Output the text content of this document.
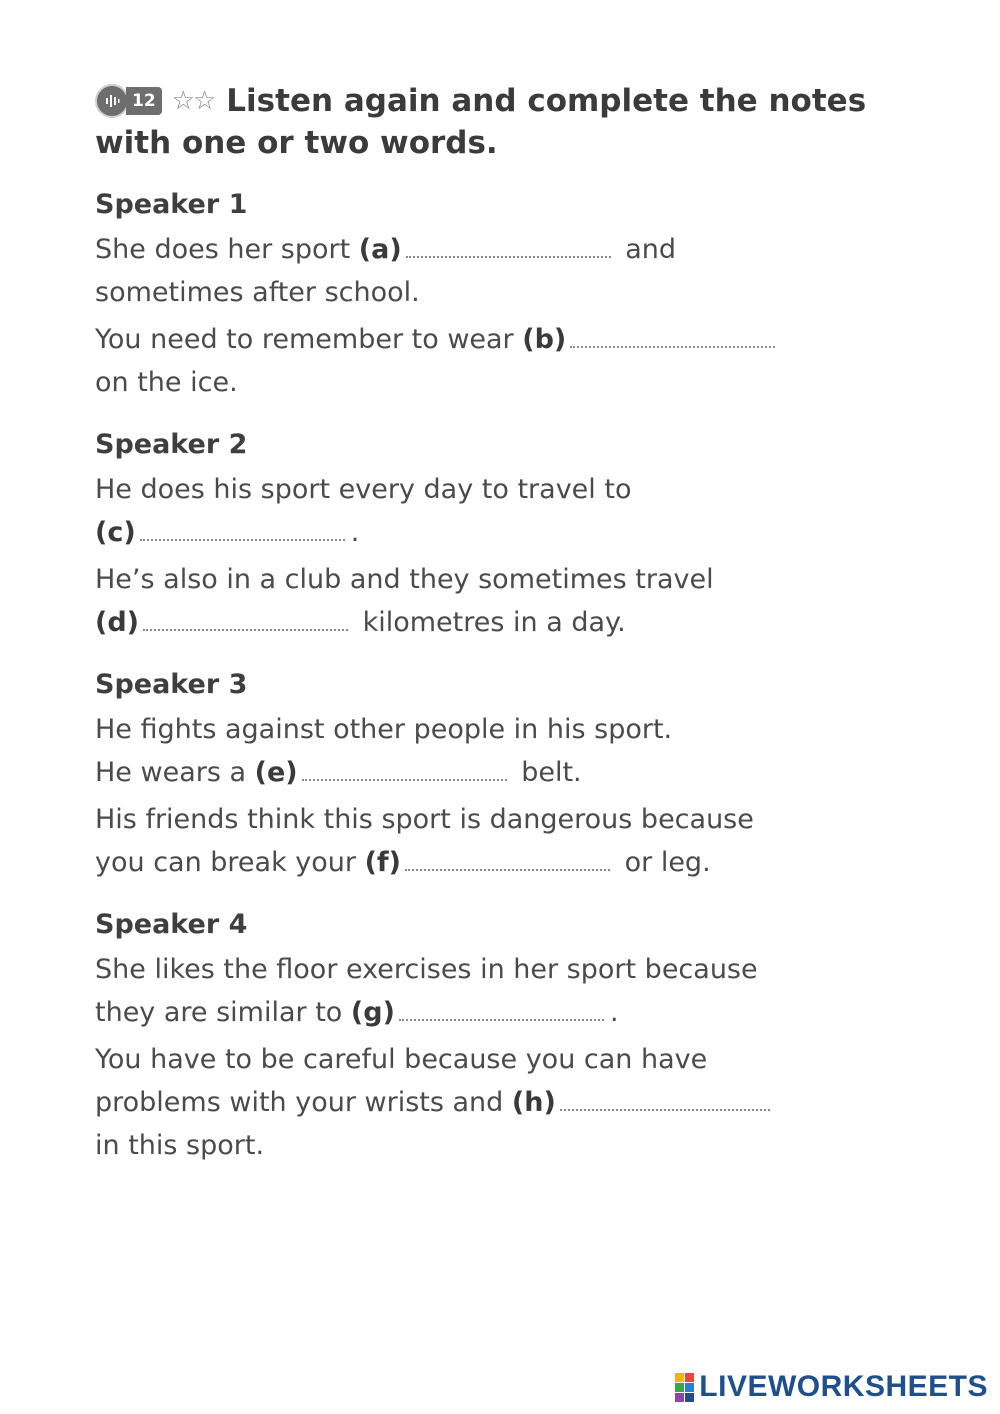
12 ☆☆ Listen again and complete the notes
with one or two words.
Speaker 1
She does her sport (a)	and
sometimes after school.
You need to remember to wear (b)
on the ice.
Speaker 2
He does his sport every day to travel to
(c)	.
He’s also in a club and they sometimes travel
(d)	kilometres in a day.
Speaker 3
He fights against other people in his sport.
He wears a (e)	belt.
His friends think this sport is dangerous because
you can break your (f)	or leg.
Speaker 4
She likes the floor exercises in her sport because
they are similar to (g)	.
You have to be careful because you can have
problems with your wrists and (h)
in this sport.
LIVEWORKSHEETS
